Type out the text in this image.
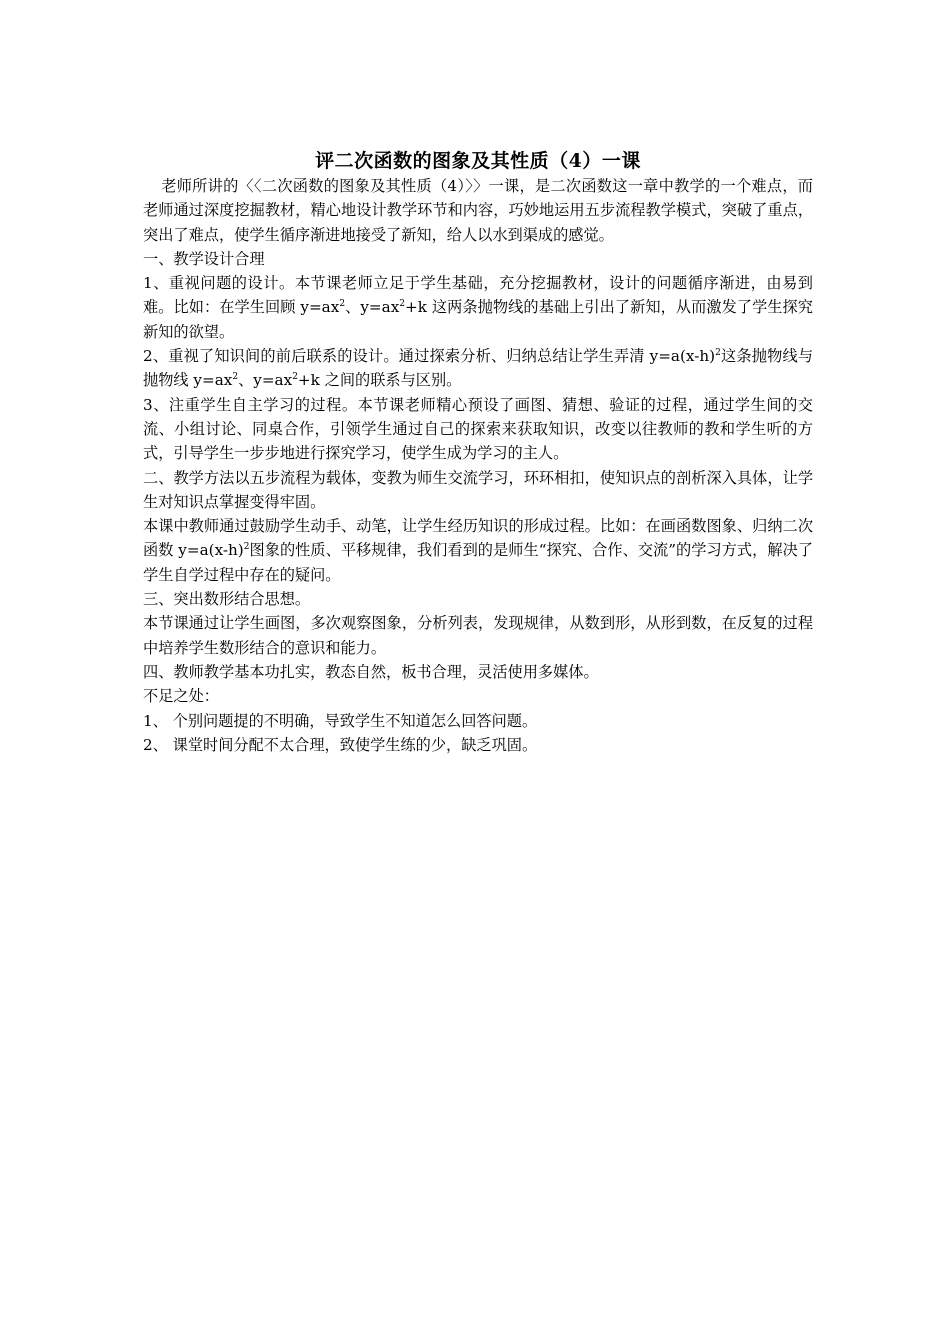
评二次函数的图象及其性质（4）一课

老师所讲的〈〈二次函数的图象及其性质（4）〉〉一课，是二次函数这一章中教学的一个难点，而老师通过深度挖掘教材，精心地设计教学环节和内容，巧妙地运用五步流程教学模式，突破了重点，突出了难点，使学生循序渐进地接受了新知，给人以水到渠成的感觉。

一、教学设计合理

1、重视问题的设计。本节课老师立足于学生基础，充分挖掘教材，设计的问题循序渐进，由易到难。比如：在学生回顾 $y=ax^2$、$y=ax^2+k$ 这两条抛物线的基础上引出了新知，从而激发了学生探究新知的欲望。

2、重视了知识间的前后联系的设计。通过探索分析、归纳总结让学生弄清 $y=a(x-h)^2$这条抛物线与抛物线 $y=ax^2$、$y=ax^2+k$ 之间的联系与区别。

3、注重学生自主学习的过程。本节课老师精心预设了画图、猜想、验证的过程，通过学生间的交流、小组讨论、同桌合作，引领学生通过自己的探索来获取知识，改变以往教师的教和学生听的方式，引导学生一步步地进行探究学习，使学生成为学习的主人。

二、教学方法以五步流程为载体，变教为师生交流学习，环环相扣，使知识点的剖析深入具体，让学生对知识点掌握变得牢固。

本课中教师通过鼓励学生动手、动笔，让学生经历知识的形成过程。比如：在画函数图象、归纳二次函数 $y=a(x-h)^2$图象的性质、平移规律，我们看到的是师生“探究、合作、交流”的学习方式，解决了学生自学过程中存在的疑问。

三、突出数形结合思想。

本节课通过让学生画图，多次观察图象，分析列表，发现规律，从数到形，从形到数，在反复的过程中培养学生数形结合的意识和能力。

四、教师教学基本功扎实，教态自然，板书合理，灵活使用多媒体。

不足之处：

1、 个别问题提的不明确，导致学生不知道怎么回答问题。

2、 课堂时间分配不太合理，致使学生练的少，缺乏巩固。
